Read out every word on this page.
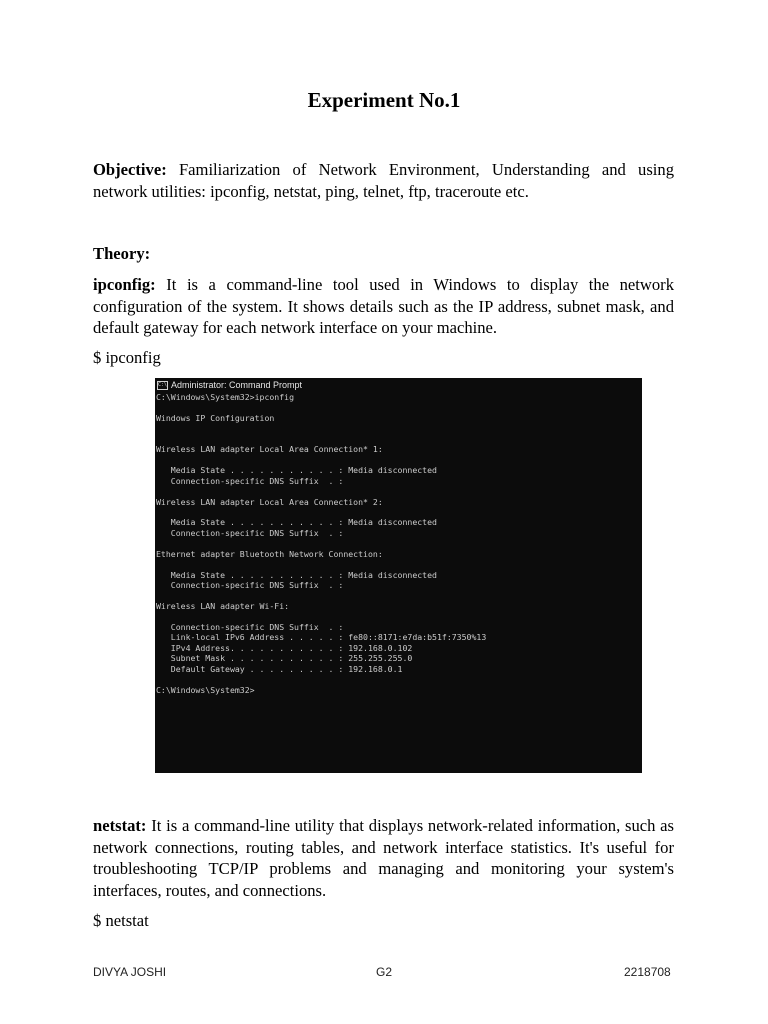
Experiment No.1

Objective: Familiarization of Network Environment, Understanding and using network utilities: ipconfig, netstat, ping, telnet, ftp, traceroute etc.

Theory:

ipconfig: It is a command-line tool used in Windows to display the network configuration of the system. It shows details such as the IP address, subnet mask, and default gateway for each network interface on your machine.

$ ipconfig
C:\ Administrator: Command Prompt
C:\Windows\System32>ipconfig

Windows IP Configuration

Wireless LAN adapter Local Area Connection* 1:

Media State . . . . . . . . . . . : Media disconnected
Connection-specific DNS Suffix  . :

Wireless LAN adapter Local Area Connection* 2:

Media State . . . . . . . . . . . : Media disconnected
Connection-specific DNS Suffix  . :

Ethernet adapter Bluetooth Network Connection:

Media State . . . . . . . . . . . : Media disconnected
Connection-specific DNS Suffix  . :

Wireless LAN adapter Wi-Fi:

Connection-specific DNS Suffix  . :
Link-local IPv6 Address . . . . . : fe80::8171:e7da:b51f:7350%13
IPv4 Address. . . . . . . . . . . : 192.168.0.102
Subnet Mask . . . . . . . . . . . : 255.255.255.0
Default Gateway . . . . . . . . . : 192.168.0.1

C:\Windows\System32>

netstat: It is a command-line utility that displays network-related information, such as network connections, routing tables, and network interface statistics. It's useful for troubleshooting TCP/IP problems and managing and monitoring your system's interfaces, routes, and connections.

$ netstat
DIVYA JOSHI	G2	2218708
